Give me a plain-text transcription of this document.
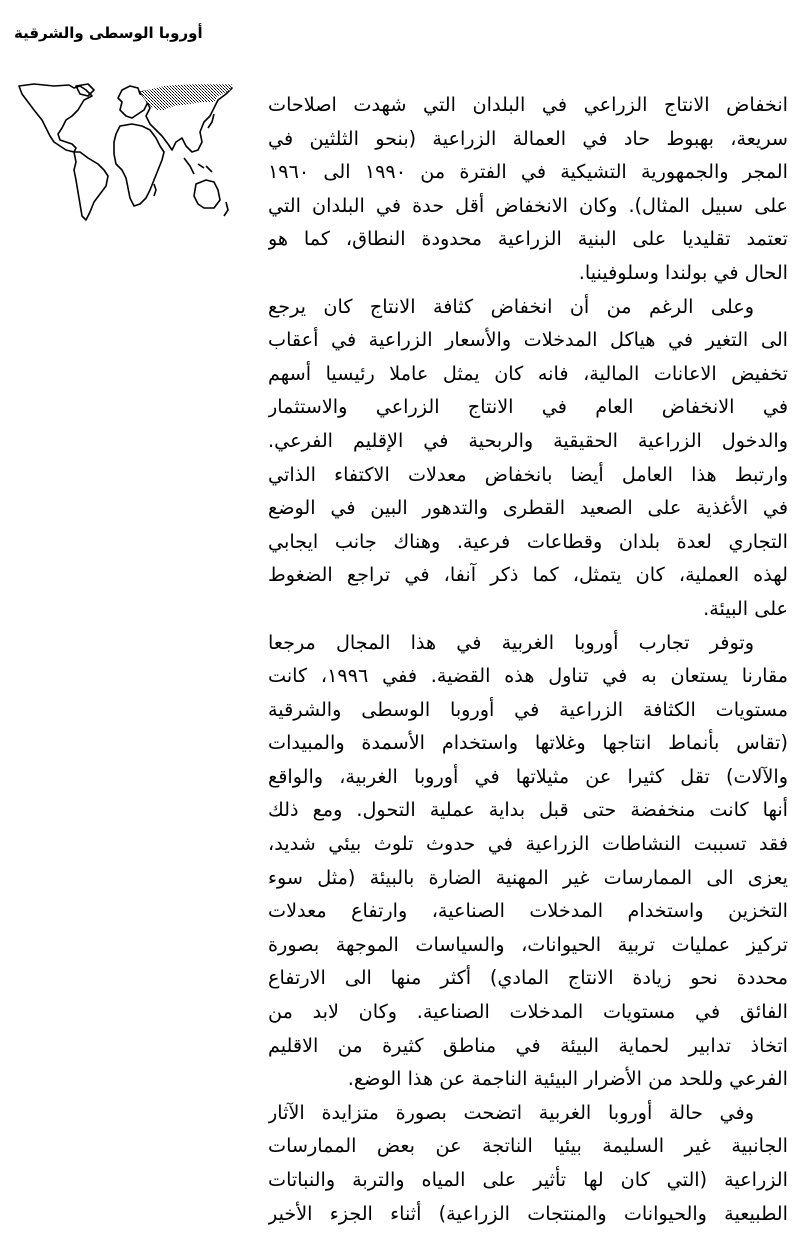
أوروبا الوسطى والشرقية
انخفاض الانتاج الزراعي في البلدان التي شهدت اصلاحات
سريعة، بهبوط حاد في العمالة الزراعية (بنحو الثلثين في
المجر والجمهورية التشيكية في الفترة من ١٩٩٠ الى ١٩٦٠
على سبيل المثال). وكان الانخفاض أقل حدة في البلدان التي
تعتمد تقليديا على البنية الزراعية محدودة النطاق، كما هو
الحال في بولندا وسلوفينيا.
وعلى الرغم من أن انخفاض كثافة الانتاج كان يرجع
الى التغير في هياكل المدخلات والأسعار الزراعية في أعقاب
تخفيض الاعانات المالية، فانه كان يمثل عاملا رئيسيا أسهم
في الانخفاض العام في الانتاج الزراعي والاستثمار
والدخول الزراعية الحقيقية والربحية في الإقليم الفرعي.
وارتبط هذا العامل أيضا بانخفاض معدلات الاكتفاء الذاتي
في الأغذية على الصعيد القطرى والتدهور البين في الوضع
التجاري لعدة بلدان وقطاعات فرعية. وهناك جانب ايجابي
لهذه العملية، كان يتمثل، كما ذكر آنفا، في تراجع الضغوط
على البيئة.
وتوفر تجارب أوروبا الغربية في هذا المجال مرجعا
مقارنا يستعان به في تناول هذه القضية. ففي ١٩٩٦، كانت
مستويات الكثافة الزراعية في أوروبا الوسطى والشرقية
(تقاس بأنماط انتاجها وغلاتها واستخدام الأسمدة والمبيدات
والآلات) تقل كثيرا عن مثيلاتها في أوروبا الغربية، والواقع
أنها كانت منخفضة حتى قبل بداية عملية التحول. ومع ذلك
فقد تسببت النشاطات الزراعية في حدوث تلوث بيئي شديد،
يعزى الى الممارسات غير المهنية الضارة بالبيئة (مثل سوء
التخزين واستخدام المدخلات الصناعية، وارتفاع معدلات
تركيز عمليات تربية الحيوانات، والسياسات الموجهة بصورة
محددة نحو زيادة الانتاج المادي) أكثر منها الى الارتفاع
الفائق في مستويات المدخلات الصناعية. وكان لابد من
اتخاذ تدابير لحماية البيئة في مناطق كثيرة من الاقليم
الفرعي وللحد من الأضرار البيئية الناجمة عن هذا الوضع.
وفي حالة أوروبا الغربية اتضحت بصورة متزايدة الآثار
الجانبية غير السليمة بيئيا الناتجة عن بعض الممارسات
الزراعية (التي كان لها تأثير على المياه والتربة والنباتات
الطبيعية والحيوانات والمنتجات الزراعية) أثناء الجزء الأخير
